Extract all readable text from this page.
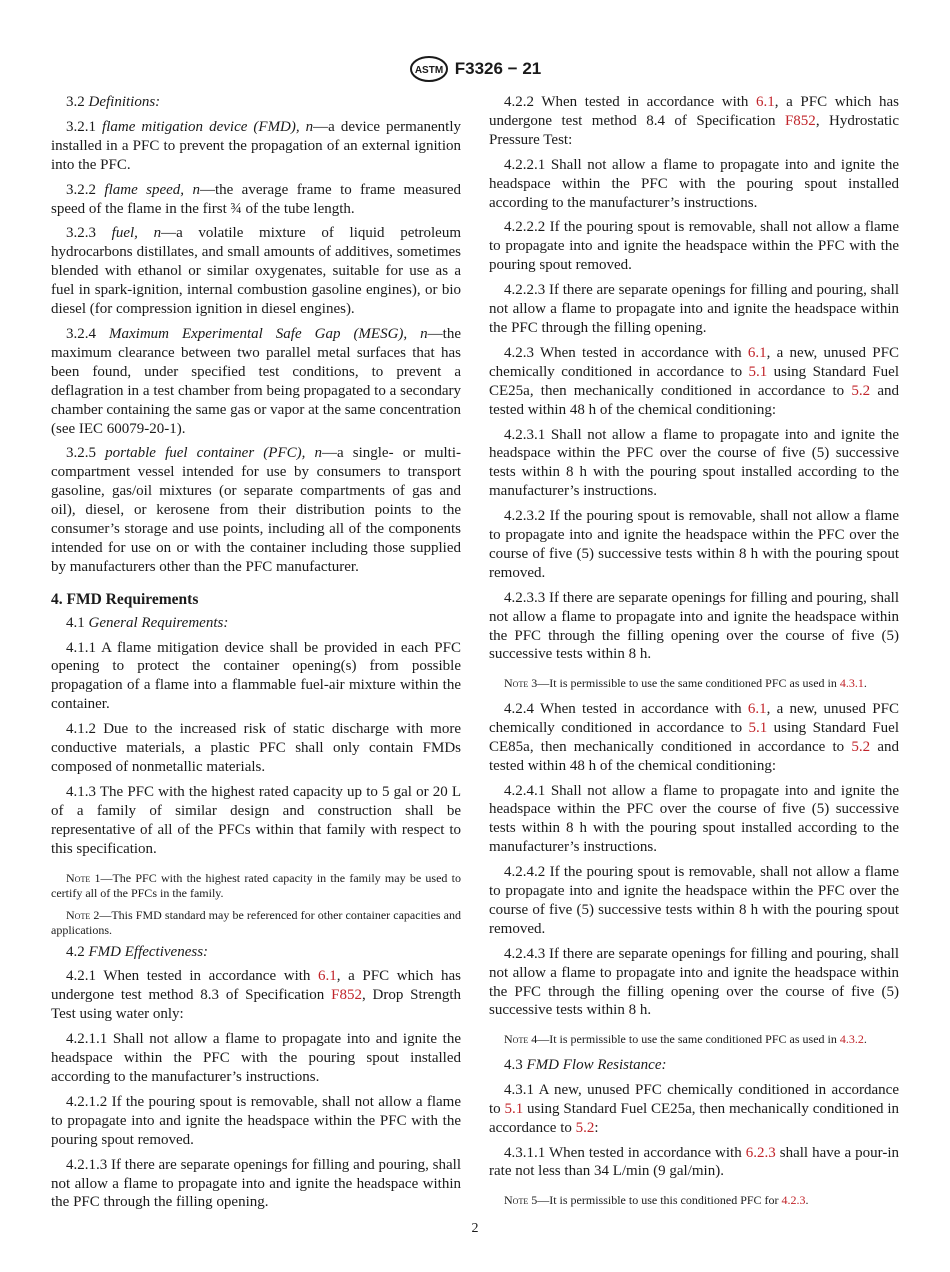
ASTM F3326 − 21

3.2 Definitions:

3.2.1 flame mitigation device (FMD), n—a device permanently installed in a PFC to prevent the propagation of an external ignition into the PFC.

3.2.2 flame speed, n—the average frame to frame measured speed of the flame in the first ¾ of the tube length.

3.2.3 fuel, n—a volatile mixture of liquid petroleum hydrocarbons distillates, and small amounts of additives, sometimes blended with ethanol or similar oxygenates, suitable for use as a fuel in spark-ignition, internal combustion gasoline engines), or bio diesel (for compression ignition in diesel engines).

3.2.4 Maximum Experimental Safe Gap (MESG), n—the maximum clearance between two parallel metal surfaces that has been found, under specified test conditions, to prevent a deflagration in a test chamber from being propagated to a secondary chamber containing the same gas or vapor at the same concentration (see IEC 60079-20-1).

3.2.5 portable fuel container (PFC), n—a single- or multi-compartment vessel intended for use by consumers to transport gasoline, gas/oil mixtures (or separate compartments of gas and oil), diesel, or kerosene from their distribution points to the consumer’s storage and use points, including all of the components intended for use on or with the container including those supplied by manufacturers other than the PFC manufacturer.

4. FMD Requirements

4.1 General Requirements:

4.1.1 A flame mitigation device shall be provided in each PFC opening to protect the container opening(s) from possible propagation of a flame into a flammable fuel-air mixture within the container.

4.1.2 Due to the increased risk of static discharge with more conductive materials, a plastic PFC shall only contain FMDs composed of nonmetallic materials.

4.1.3 The PFC with the highest rated capacity up to 5 gal or 20 L of a family of similar design and construction shall be representative of all of the PFCs within that family with respect to this specification.

Note 1—The PFC with the highest rated capacity in the family may be used to certify all of the PFCs in the family.

Note 2—This FMD standard may be referenced for other container capacities and applications.

4.2 FMD Effectiveness:

4.2.1 When tested in accordance with 6.1, a PFC which has undergone test method 8.3 of Specification F852, Drop Strength Test using water only:

4.2.1.1 Shall not allow a flame to propagate into and ignite the headspace within the PFC with the pouring spout installed according to the manufacturer’s instructions.

4.2.1.2 If the pouring spout is removable, shall not allow a flame to propagate into and ignite the headspace within the PFC with the pouring spout removed.

4.2.1.3 If there are separate openings for filling and pouring, shall not allow a flame to propagate into and ignite the headspace within the PFC through the filling opening.

4.2.2 When tested in accordance with 6.1, a PFC which has undergone test method 8.4 of Specification F852, Hydrostatic Pressure Test:

4.2.2.1 Shall not allow a flame to propagate into and ignite the headspace within the PFC with the pouring spout installed according to the manufacturer’s instructions.

4.2.2.2 If the pouring spout is removable, shall not allow a flame to propagate into and ignite the headspace within the PFC with the pouring spout removed.

4.2.2.3 If there are separate openings for filling and pouring, shall not allow a flame to propagate into and ignite the headspace within the PFC through the filling opening.

4.2.3 When tested in accordance with 6.1, a new, unused PFC chemically conditioned in accordance to 5.1 using Standard Fuel CE25a, then mechanically conditioned in accordance to 5.2 and tested within 48 h of the chemical conditioning:

4.2.3.1 Shall not allow a flame to propagate into and ignite the headspace within the PFC over the course of five (5) successive tests within 8 h with the pouring spout installed according to the manufacturer’s instructions.

4.2.3.2 If the pouring spout is removable, shall not allow a flame to propagate into and ignite the headspace within the PFC over the course of five (5) successive tests within 8 h with the pouring spout removed.

4.2.3.3 If there are separate openings for filling and pouring, shall not allow a flame to propagate into and ignite the headspace within the PFC through the filling opening over the course of five (5) successive tests within 8 h.

Note 3—It is permissible to use the same conditioned PFC as used in 4.3.1.

4.2.4 When tested in accordance with 6.1, a new, unused PFC chemically conditioned in accordance to 5.1 using Standard Fuel CE85a, then mechanically conditioned in accordance to 5.2 and tested within 48 h of the chemical conditioning:

4.2.4.1 Shall not allow a flame to propagate into and ignite the headspace within the PFC over the course of five (5) successive tests within 8 h with the pouring spout installed according to the manufacturer’s instructions.

4.2.4.2 If the pouring spout is removable, shall not allow a flame to propagate into and ignite the headspace within the PFC over the course of five (5) successive tests within 8 h with the pouring spout removed.

4.2.4.3 If there are separate openings for filling and pouring, shall not allow a flame to propagate into and ignite the headspace within the PFC through the filling opening over the course of five (5) successive tests within 8 h.

Note 4—It is permissible to use the same conditioned PFC as used in 4.3.2.

4.3 FMD Flow Resistance:

4.3.1 A new, unused PFC chemically conditioned in accordance to 5.1 using Standard Fuel CE25a, then mechanically conditioned in accordance to 5.2:

4.3.1.1 When tested in accordance with 6.2.3 shall have a pour-in rate not less than 34 L/min (9 gal/min).

Note 5—It is permissible to use this conditioned PFC for 4.2.3.

2
